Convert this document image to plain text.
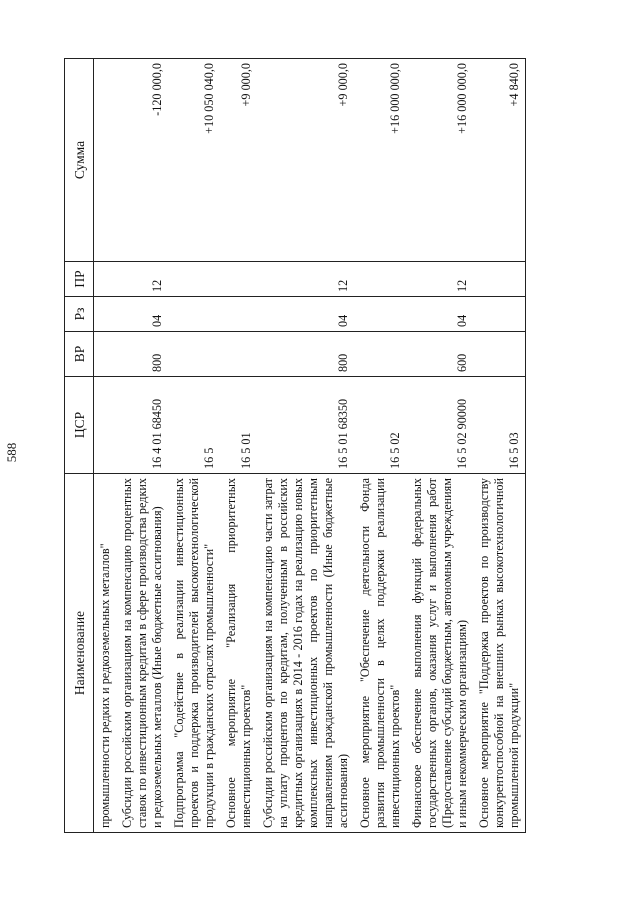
588
Наименование	ЦСР	ВР	Рз	ПР	Сумма
промышленности редких и редкоземельных металлов"					
Субсидии российским организациям на компенсацию процентных ставок по инвестиционным кредитам в сфере производства редких и редкоземельных металлов (Иные бюджетные ассигнования)	16 4 01 68450	800	04	12	-120 000,0
Подпрограмма "Содействие в реализации инвестиционных проектов и поддержка производителей высокотехнологической продукции в гражданских отраслях промышленности"	16 5				+10 050 040,0
Основное мероприятие "Реализация приоритетных инвестиционных проектов"	16 5 01				+9 000,0
Субсидии российским организациям на компенсацию части затрат на уплату процентов по кредитам, полученным в российских кредитных организациях в 2014 - 2016 годах на реализацию новых комплексных инвестиционных проектов по приоритетным направлениям гражданской промышленности (Иные бюджетные ассигнования)	16 5 01 68350	800	04	12	+9 000,0
Основное мероприятие "Обеспечение деятельности Фонда развития промышленности в целях поддержки реализации инвестиционных проектов"	16 5 02				+16 000 000,0
Финансовое обеспечение выполнения функций федеральных государственных органов, оказания услуг и выполнения работ (Предоставление субсидий бюджетным, автономным учреждениям и иным некоммерческим организациям)	16 5 02 90000	600	04	12	+16 000 000,0
Основное мероприятие "Поддержка проектов по производству конкурентоспособной на внешних рынках высокотехнологичной промышленной продукции"	16 5 03				+4 840,0
